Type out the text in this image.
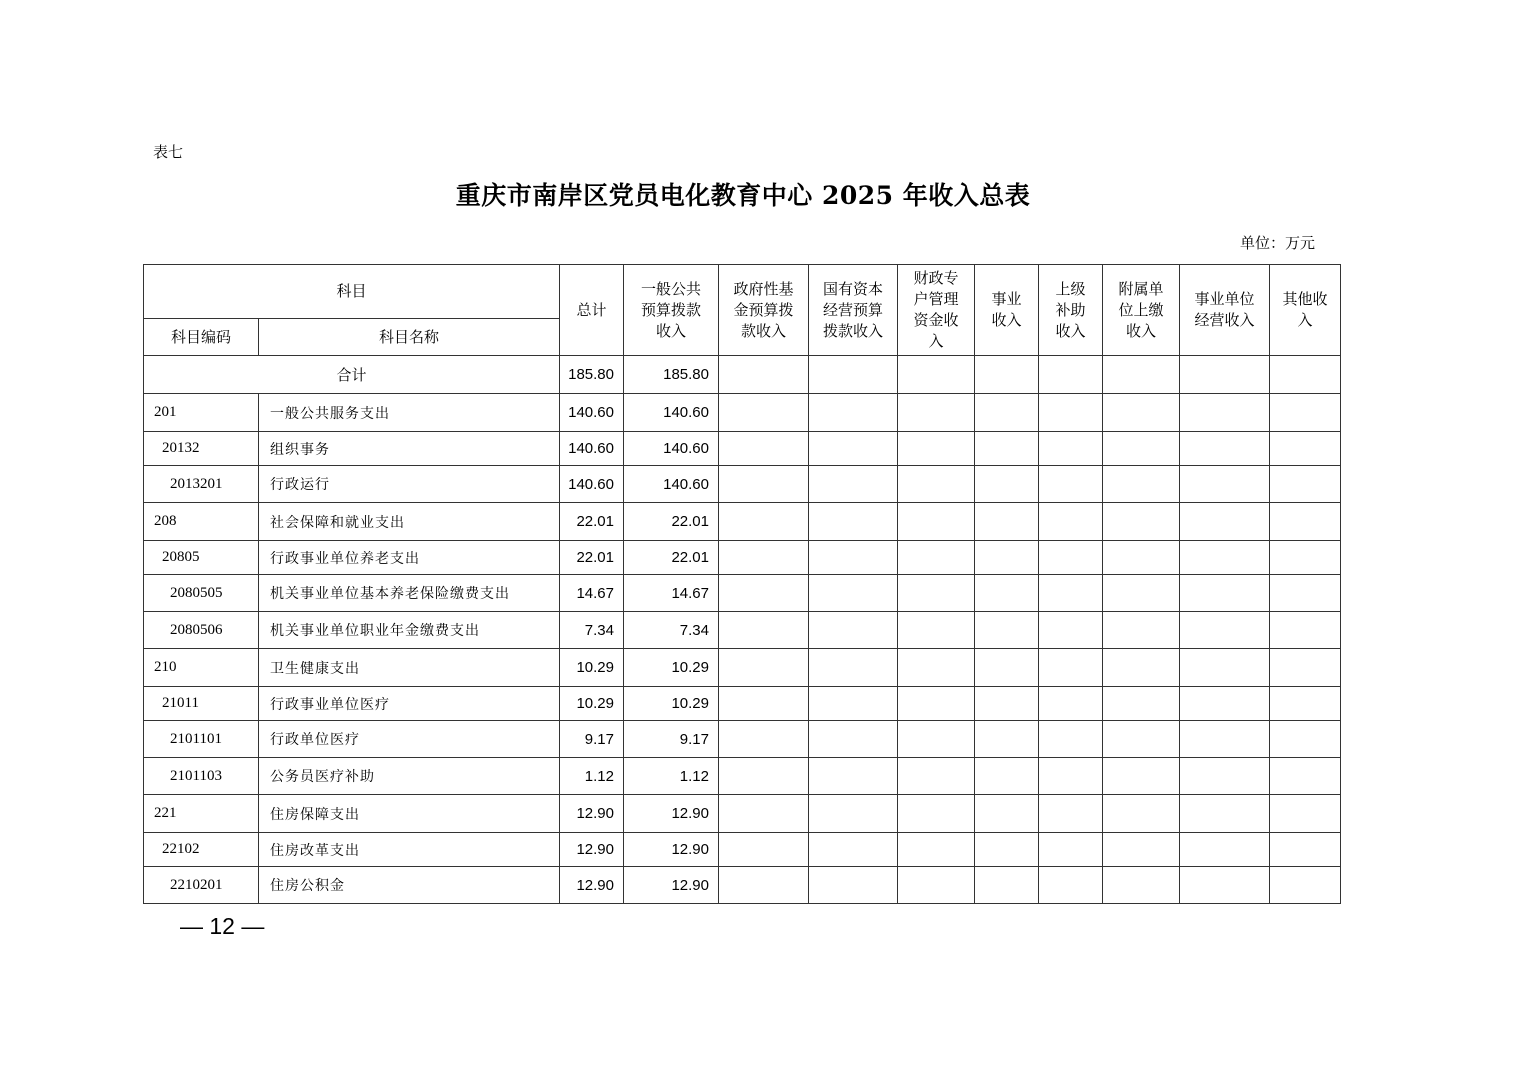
表七
重庆市南岸区党员电化教育中心 2025 年收入总表
单位：万元
科目		总计	一般公共预算拨款收入	政府性基金预算拨款收入	国有资本经营预算拨款收入	财政专户管理资金收入	事业收入	上级补助收入	附属单位上缴收入	事业单位经营收入	其他收入
科目编码	科目名称										
合计		185.80	185.80								
201	一般公共服务支出	140.60	140.60								
20132	组织事务	140.60	140.60								
2013201	行政运行	140.60	140.60								
208	社会保障和就业支出	22.01	22.01								
20805	行政事业单位养老支出	22.01	22.01								
2080505	机关事业单位基本养老保险缴费支出	14.67	14.67								
2080506	机关事业单位职业年金缴费支出	7.34	7.34								
210	卫生健康支出	10.29	10.29								
21011	行政事业单位医疗	10.29	10.29								
2101101	行政单位医疗	9.17	9.17								
2101103	公务员医疗补助	1.12	1.12								
221	住房保障支出	12.90	12.90								
22102	住房改革支出	12.90	12.90								
2210201	住房公积金	12.90	12.90								
— 12 —
